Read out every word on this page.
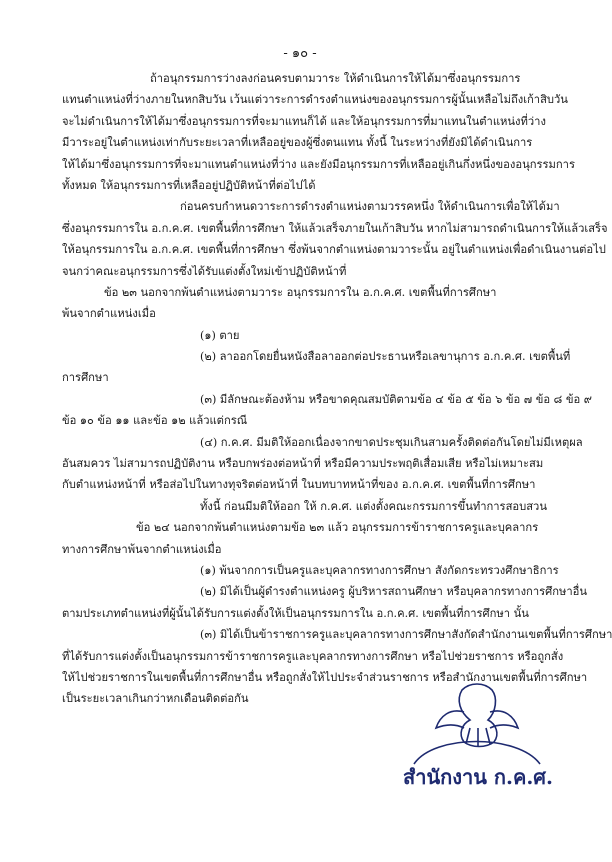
- ๑๐ -
ถ้าอนุกรรมการว่างลงก่อนครบตามวาระ ให้ดำเนินการให้ได้มาซึ่งอนุกรรมการ
แทนตำแหน่งที่ว่างภายในหกสิบวัน เว้นแต่วาระการดำรงตำแหน่งของอนุกรรมการผู้นั้นเหลือไม่ถึงเก้าสิบวัน
จะไม่ดำเนินการให้ได้มาซึ่งอนุกรรมการที่จะมาแทนก็ได้ และให้อนุกรรมการที่มาแทนในตำแหน่งที่ว่าง
มีวาระอยู่ในตำแหน่งเท่ากับระยะเวลาที่เหลืออยู่ของผู้ซึ่งตนแทน ทั้งนี้ ในระหว่างที่ยังมิได้ดำเนินการ
ให้ได้มาซึ่งอนุกรรมการที่จะมาแทนตำแหน่งที่ว่าง และยังมีอนุกรรมการที่เหลืออยู่เกินกึ่งหนึ่งของอนุกรรมการ
ทั้งหมด ให้อนุกรรมการที่เหลืออยู่ปฏิบัติหน้าที่ต่อไปได้
ก่อนครบกำหนดวาระการดำรงตำแหน่งตามวรรคหนึ่ง ให้ดำเนินการเพื่อให้ได้มา
ซึ่งอนุกรรมการใน อ.ก.ค.ศ. เขตพื้นที่การศึกษา ให้แล้วเสร็จภายในเก้าสิบวัน หากไม่สามารถดำเนินการให้แล้วเสร็จ
ให้อนุกรรมการใน อ.ก.ค.ศ. เขตพื้นที่การศึกษา ซึ่งพ้นจากตำแหน่งตามวาระนั้น อยู่ในตำแหน่งเพื่อดำเนินงานต่อไป
จนกว่าคณะอนุกรรมการซึ่งได้รับแต่งตั้งใหม่เข้าปฏิบัติหน้าที่
ข้อ ๒๓ นอกจากพ้นตำแหน่งตามวาระ อนุกรรมการใน อ.ก.ค.ศ. เขตพื้นที่การศึกษา
พ้นจากตำแหน่งเมื่อ
(๑) ตาย
(๒) ลาออกโดยยื่นหนังสือลาออกต่อประธานหรือเลขานุการ อ.ก.ค.ศ. เขตพื้นที่
การศึกษา
(๓) มีลักษณะต้องห้าม หรือขาดคุณสมบัติตามข้อ ๔ ข้อ ๕ ข้อ ๖ ข้อ ๗ ข้อ ๘ ข้อ ๙
ข้อ ๑๐ ข้อ ๑๑ และข้อ ๑๒ แล้วแต่กรณี
(๔) ก.ค.ศ. มีมติให้ออกเนื่องจากขาดประชุมเกินสามครั้งติดต่อกันโดยไม่มีเหตุผล
อันสมควร ไม่สามารถปฏิบัติงาน หรือบกพร่องต่อหน้าที่ หรือมีความประพฤติเสื่อมเสีย หรือไม่เหมาะสม
กับตำแหน่งหน้าที่ หรือส่อไปในทางทุจริตต่อหน้าที่ ในบทบาทหน้าที่ของ อ.ก.ค.ศ. เขตพื้นที่การศึกษา
ทั้งนี้ ก่อนมีมติให้ออก ให้ ก.ค.ศ. แต่งตั้งคณะกรรมการขึ้นทำการสอบสวน
ข้อ ๒๔ นอกจากพ้นตำแหน่งตามข้อ ๒๓ แล้ว อนุกรรมการข้าราชการครูและบุคลากร
ทางการศึกษาพ้นจากตำแหน่งเมื่อ
(๑) พ้นจากการเป็นครูและบุคลากรทางการศึกษา สังกัดกระทรวงศึกษาธิการ
(๒) มิได้เป็นผู้ดำรงตำแหน่งครู ผู้บริหารสถานศึกษา หรือบุคลากรทางการศึกษาอื่น
ตามประเภทตำแหน่งที่ผู้นั้นได้รับการแต่งตั้งให้เป็นอนุกรรมการใน อ.ก.ค.ศ. เขตพื้นที่การศึกษา นั้น
(๓) มิได้เป็นข้าราชการครูและบุคลากรทางการศึกษาสังกัดสำนักงานเขตพื้นที่การศึกษา
ที่ได้รับการแต่งตั้งเป็นอนุกรรมการข้าราชการครูและบุคลากรทางการศึกษา หรือไปช่วยราชการ หรือถูกสั่ง
ให้ไปช่วยราชการในเขตพื้นที่การศึกษาอื่น หรือถูกสั่งให้ไปประจำส่วนราชการ หรือสำนักงานเขตพื้นที่การศึกษา
เป็นระยะเวลาเกินกว่าหกเดือนติดต่อกัน
สำนักงาน ก.ค.ศ.
